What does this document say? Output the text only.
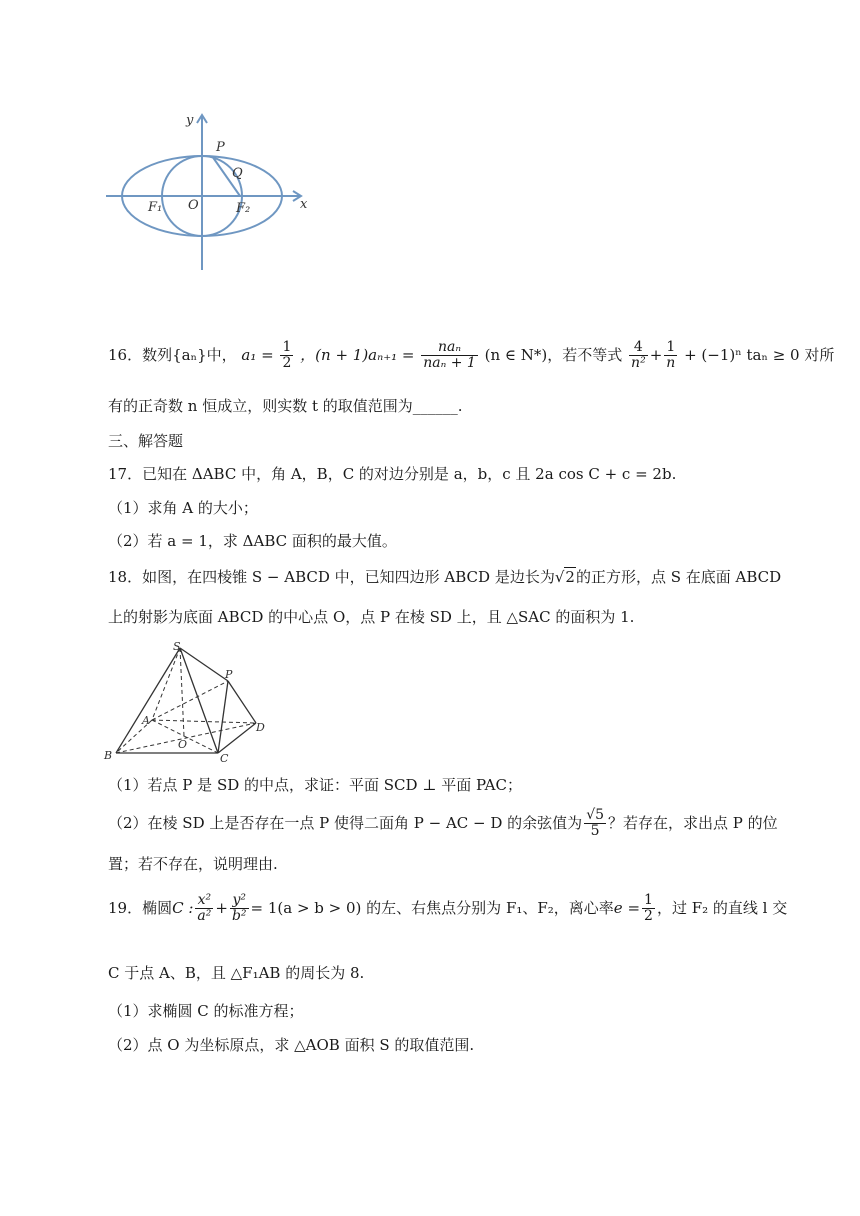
y
x
P
Q
O
F₁	F₂
16．数列{aₙ}中， $a_1 = \frac{1}{2}$ ，$(n + 1)a_{n+1} = \frac{\text{naₙ}}{\text{naₙ + 1}} (n$ ∈ N*)，若不等式 $\frac{4}{\text{n²}} + \frac{1}{n} + (-1)^n$ taₙ ≥ 0 对所
有的正奇数 n 恒成立，则实数 t 的取值范围为______.
三、解答题
17．已知在 ΔABC 中，角 A，B，C 的对边分别是 a，b，c 且 2a cos C + c = 2b.
（1）求角 A 的大小；
（2）若 a = 1，求 ΔABC 面积的最大值。
18．如图，在四棱锥 S − ABCD 中，已知四边形 ABCD 是边长为√2的正方形，点 S 在底面 ABCD
上的射影为底面 ABCD 的中心点 O，点 P 在棱 SD 上，且 △SAC 的面积为 1.
S
P
A
D
O
B	C
（1）若点 P 是 SD 的中点，求证：平面 SCD ⊥ 平面 PAC；
（2）在棱 SD 上是否存在一点 P 使得二面角 P − AC − D 的余弦值为 $\frac{√5}{5}$ ？若存在，求出点 P 的位
置；若不存在，说明理由.
19．椭圆C : $\frac{\text{x²}}{\text{a²}} + \frac{\text{y²}}{\text{b²}} = 1(a > b > 0)$ 的左、右焦点分别为 F₁、F₂，离心率$e = \frac{1}{2}$ ，过 F₂ 的直线 l 交
C 于点 A、B，且 △F₁AB 的周长为 8.
（1）求椭圆 C 的标准方程；
（2）点 O 为坐标原点，求 △AOB 面积 S 的取值范围.
